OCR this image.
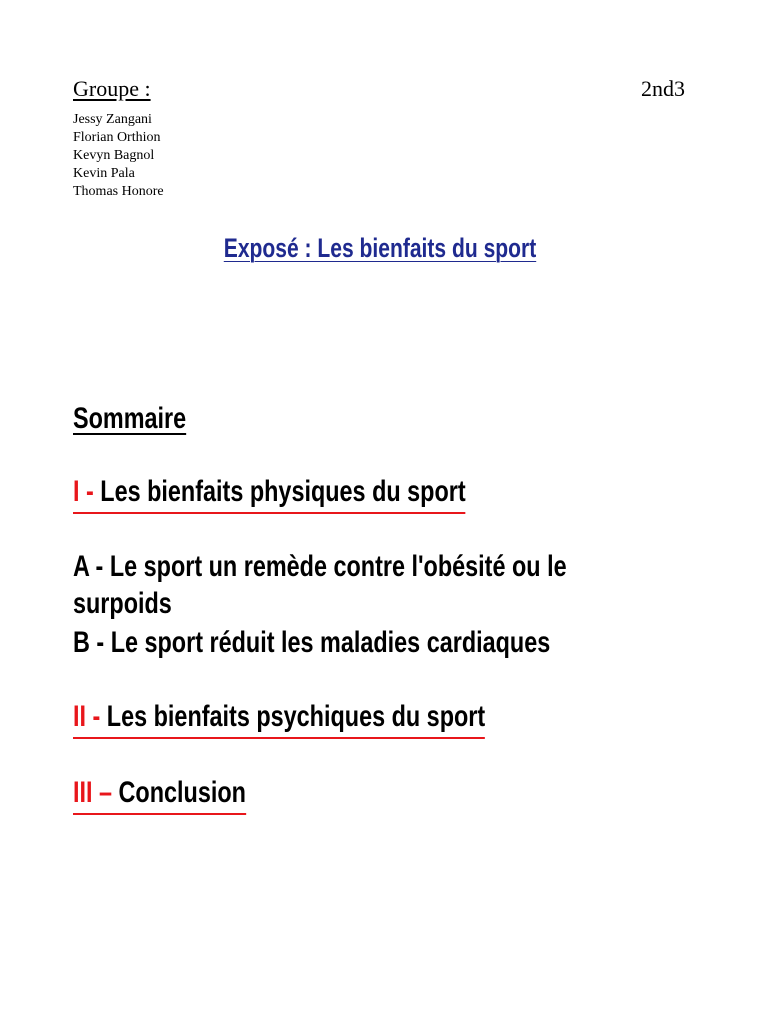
Groupe :	2nd3
Jessy Zangani
Florian Orthion
Kevyn Bagnol
Kevin Pala
Thomas Honore
Exposé : Les bienfaits du sport
Sommaire
I - Les bienfaits physiques du sport
A - Le sport un remède contre l'obésité ou le
surpoids
B - Le sport réduit les maladies cardiaques
II - Les bienfaits psychiques du sport
III – Conclusion
